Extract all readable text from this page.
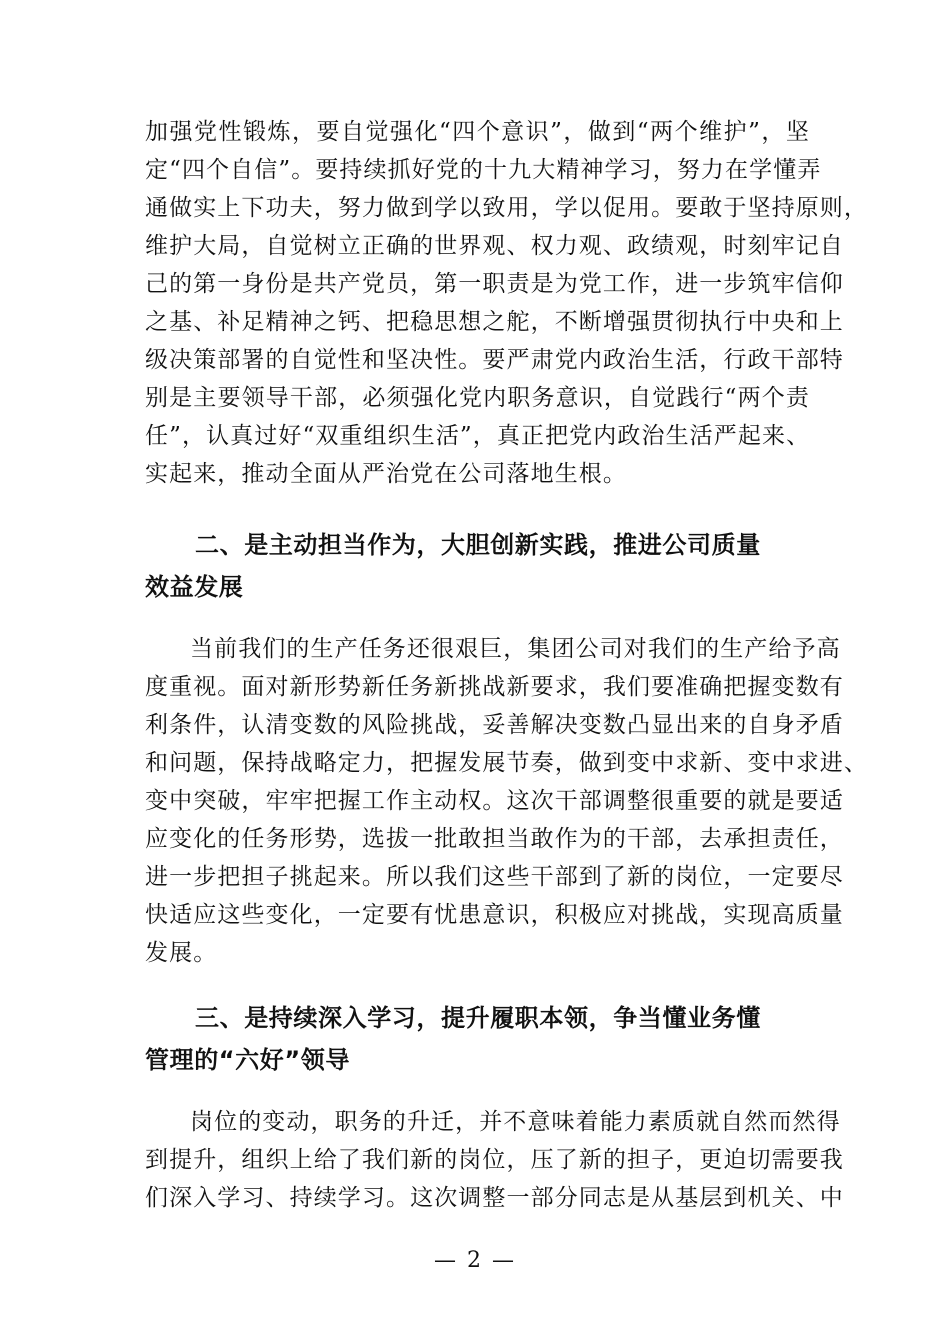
加强党性锻炼，要自觉强化“四个意识”，做到“两个维护”，坚
定“四个自信”。要持续抓好党的十九大精神学习，努力在学懂弄
通做实上下功夫，努力做到学以致用，学以促用。要敢于坚持原则，
维护大局，自觉树立正确的世界观、权力观、政绩观，时刻牢记自
己的第一身份是共产党员，第一职责是为党工作，进一步筑牢信仰
之基、补足精神之钙、把稳思想之舵，不断增强贯彻执行中央和上
级决策部署的自觉性和坚决性。要严肃党内政治生活，行政干部特
别是主要领导干部，必须强化党内职务意识，自觉践行“两个责
任”，认真过好“双重组织生活”，真正把党内政治生活严起来、
实起来，推动全面从严治党在公司落地生根。
二、是主动担当作为，大胆创新实践，推进公司质量
效益发展
当前我们的生产任务还很艰巨，集团公司对我们的生产给予高
度重视。面对新形势新任务新挑战新要求，我们要准确把握变数有
利条件，认清变数的风险挑战，妥善解决变数凸显出来的自身矛盾
和问题，保持战略定力，把握发展节奏，做到变中求新、变中求进、
变中突破，牢牢把握工作主动权。这次干部调整很重要的就是要适
应变化的任务形势，选拔一批敢担当敢作为的干部，去承担责任，
进一步把担子挑起来。所以我们这些干部到了新的岗位，一定要尽
快适应这些变化，一定要有忧患意识，积极应对挑战，实现高质量
发展。
三、是持续深入学习，提升履职本领，争当懂业务懂
管理的“六好”领导
岗位的变动，职务的升迁，并不意味着能力素质就自然而然得
到提升，组织上给了我们新的岗位，压了新的担子，更迫切需要我
们深入学习、持续学习。这次调整一部分同志是从基层到机关、中
— 2 —
